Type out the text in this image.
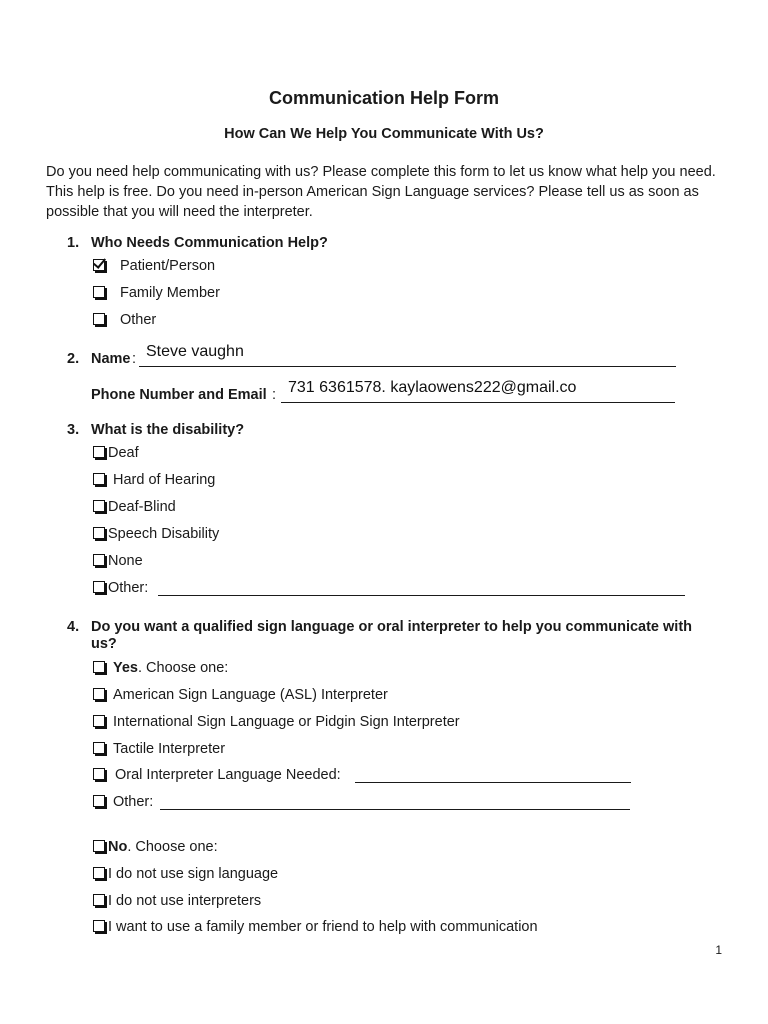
Communication Help Form
How Can We Help You Communicate With Us?
Do you need help communicating with us? Please complete this form to let us know what help you need. This help is free. Do you need in-person American Sign Language services? Please tell us as soon as possible that you will need the interpreter.
1. Who Needs Communication Help?
Patient/Person
Family Member
Other
2. Name : Steve vaughn
Phone Number and Email : 731 6361578. kaylaowens222@gmail.co
3. What is the disability?
Deaf
Hard of Hearing
Deaf-Blind
Speech Disability
None
Other:
4. Do you want a qualified sign language or oral interpreter to help you communicate with
us?
Yes . Choose one:
American Sign Language (ASL) Interpreter
International Sign Language or Pidgin Sign Interpreter
Tactile Interpreter
Oral Interpreter Language Needed:
Other:
No . Choose one:
I do not use sign language
I do not use interpreters
I want to use a family member or friend to help with communication
1
